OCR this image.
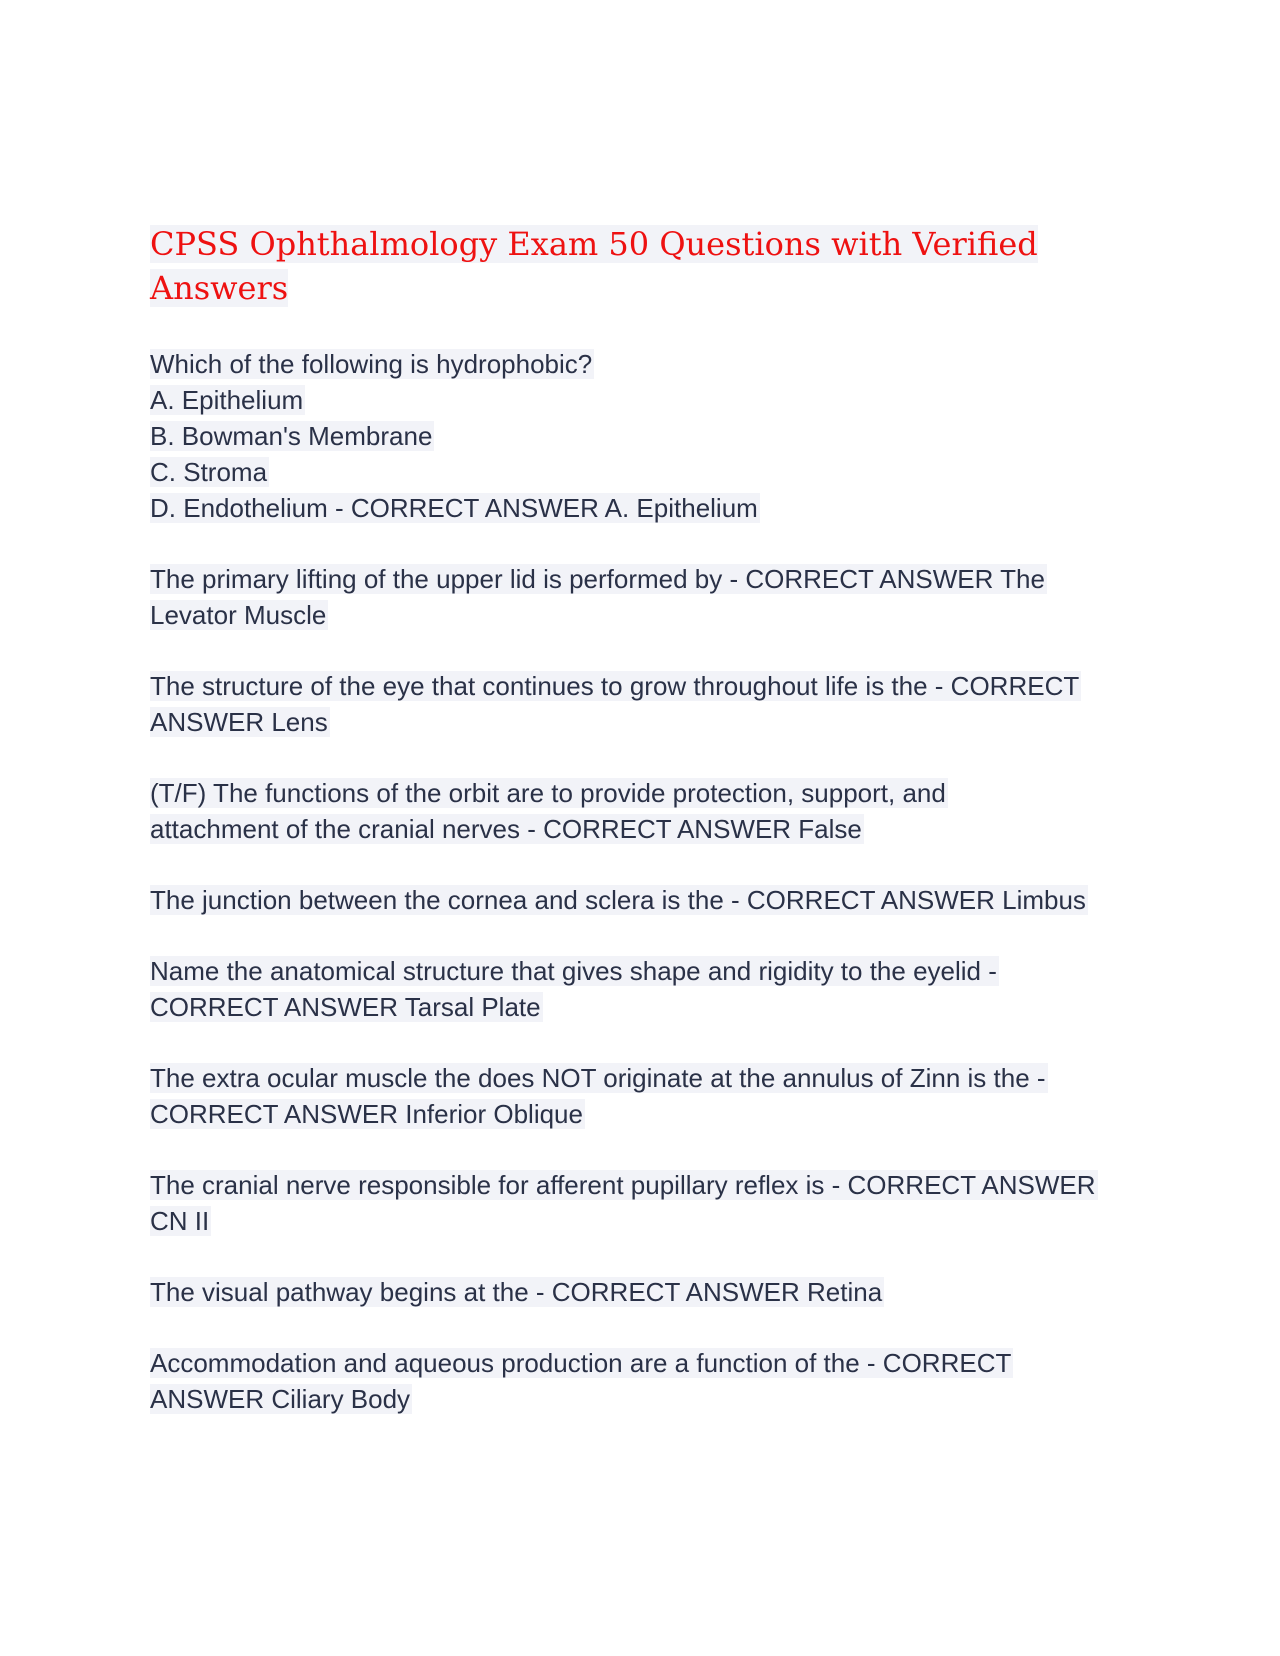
CPSS Ophthalmology Exam 50 Questions with Verified
Answers
Which of the following is hydrophobic?
A. Epithelium
B. Bowman's Membrane
C. Stroma
D. Endothelium - CORRECT ANSWER A. Epithelium
The primary lifting of the upper lid is performed by - CORRECT ANSWER The
Levator Muscle
The structure of the eye that continues to grow throughout life is the - CORRECT
ANSWER Lens
(T/F) The functions of the orbit are to provide protection, support, and
attachment of the cranial nerves - CORRECT ANSWER False
The junction between the cornea and sclera is the - CORRECT ANSWER Limbus
Name the anatomical structure that gives shape and rigidity to the eyelid -
CORRECT ANSWER Tarsal Plate
The extra ocular muscle the does NOT originate at the annulus of Zinn is the -
CORRECT ANSWER Inferior Oblique
The cranial nerve responsible for afferent pupillary reflex is - CORRECT ANSWER
CN II
The visual pathway begins at the - CORRECT ANSWER Retina
Accommodation and aqueous production are a function of the - CORRECT
ANSWER Ciliary Body
